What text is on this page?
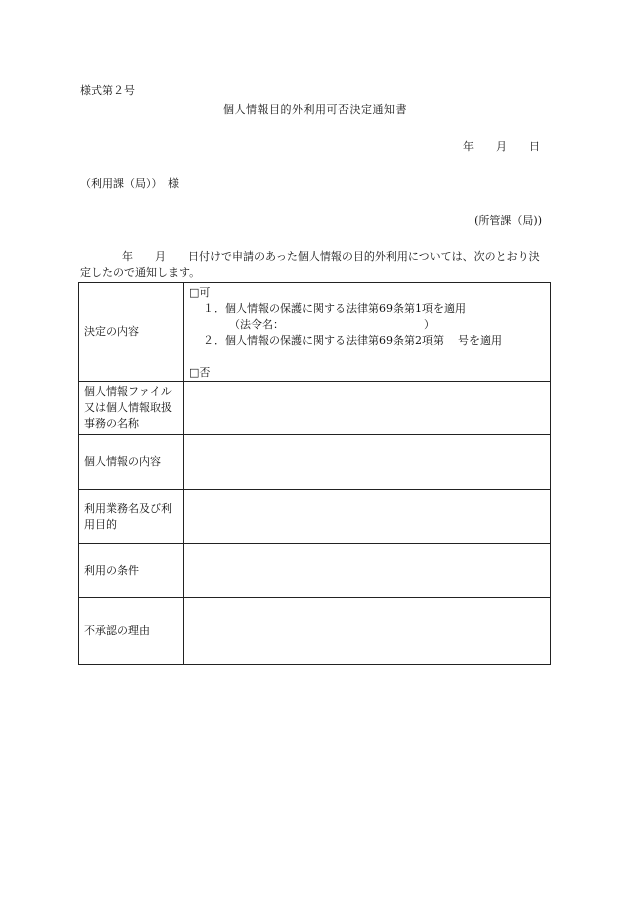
様式第２号
個人情報目的外利用可否決定通知書
年 月 日
（利用課（局））　様
(所管課（局))
年 月 日付けで申請のあった個人情報の目的外利用については、次のとおり決定したので通知します。
決定の内容	□可
１．個人情報の保護に関する法律第69条第1項を適用
（法令名： ）
２．個人情報の保護に関する法律第69条第2項第 号を適用
□否

個人情報ファイル又は個人情報取扱事務の名称	
個人情報の内容	
利用業務名及び利用目的	
利用の条件	
不承認の理由	
